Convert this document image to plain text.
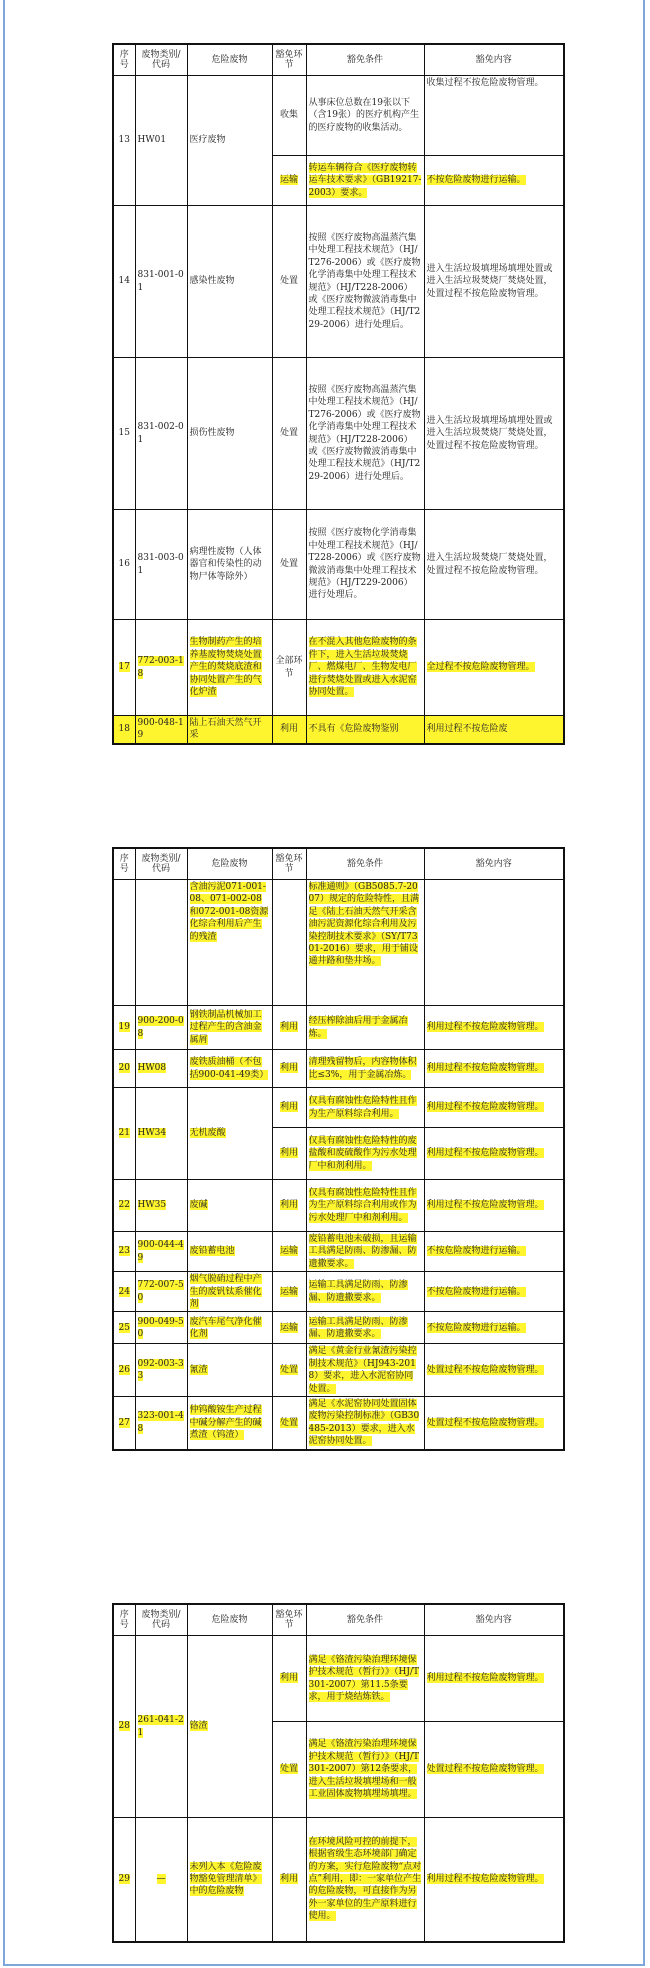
序号	废物类别/代码	危险废物	豁免环节	豁免条件	豁免内容
13	HW01	医疗废物	收集	从事床位总数在19张以下（含19张）的医疗机构产生的医疗废物的收集活动。	收集过程不按危险废物管理。
			运输	转运车辆符合《医疗废物转运车技术要求》（GB19217-2003）要求。	不按危险废物进行运输。
14	831-001-01	感染性废物	处置	按照《医疗废物高温蒸汽集中处理工程技术规范》（HJ/T276-2006）或《医疗废物化学消毒集中处理工程技术规范》（HJ/T228-2006）或《医疗废物微波消毒集中处理工程技术规范》（HJ/T229-2006）进行处理后。	进入生活垃圾填埋场填埋处置或进入生活垃圾焚烧厂焚烧处置，处置过程不按危险废物管理。
15	831-002-01	损伤性废物	处置	按照《医疗废物高温蒸汽集中处理工程技术规范》（HJ/T276-2006）或《医疗废物化学消毒集中处理工程技术规范》（HJ/T228-2006）或《医疗废物微波消毒集中处理工程技术规范》（HJ/T229-2006）进行处理后。	进入生活垃圾填埋场填埋处置或进入生活垃圾焚烧厂焚烧处置，处置过程不按危险废物管理。
16	831-003-01	病理性废物（人体器官和传染性的动物尸体等除外）	处置	按照《医疗废物化学消毒集中处理工程技术规范》（HJ/T228-2006）或《医疗废物微波消毒集中处理工程技术规范》（HJ/T229-2006）进行处理后。	进入生活垃圾焚烧厂焚烧处置，处置过程不按危险废物管理。
17	772-003-18	生物制药产生的培养基废物焚烧处置产生的焚烧底渣和协同处置产生的气化炉渣	全部环节	在不混入其他危险废物的条件下，进入生活垃圾焚烧厂、燃煤电厂、生物发电厂进行焚烧处置或进入水泥窑协同处置。	全过程不按危险废物管理。
18	900-048-19	陆上石油天然气开采	利用	不具有《危险废物鉴别	利用过程不按危险废
序号	废物类别/代码	危险废物	豁免环节	豁免条件	豁免内容
		含油污泥071-001-08、071-002-08和072-001-08资源化综合利用后产生的残渣		标准通则》（GB5085.7-2007）规定的危险特性，且满足《陆上石油天然气开采含油污泥资源化综合利用及污染控制技术要求》（SY/T7301-2016）要求，用于铺设通井路和垫井场。	
19	900-200-08	钢铁制品机械加工过程产生的含油金属屑	利用	经压榨除油后用于金属冶炼。	利用过程不按危险废物管理。
20	HW08	废铁质油桶（不包括900-041-49类）	利用	清理残留物后，内容物体积比≤3%，用于金属冶炼。	利用过程不按危险废物管理。
21	HW34	无机废酸	利用	仅具有腐蚀性危险特性且作为生产原料综合利用。	利用过程不按危险废物管理。
			利用	仅具有腐蚀性危险特性的废盐酸和废硫酸作为污水处理厂中和剂利用。	利用过程不按危险废物管理。
22	HW35	废碱	利用	仅具有腐蚀性危险特性且作为生产原料综合利用或作为污水处理厂中和剂利用。	利用过程不按危险废物管理。
23	900-044-49	废铅蓄电池	运输	废铅蓄电池未破损，且运输工具满足防雨、防渗漏、防遗撒要求。	不按危险废物进行运输。
24	772-007-50	烟气脱硝过程中产生的废钒钛系催化剂	运输	运输工具满足防雨、防渗漏、防遗撒要求。	不按危险废物进行运输。
25	900-049-50	废汽车尾气净化催化剂	运输	运输工具满足防雨、防渗漏、防遗撒要求。	不按危险废物进行运输。
26	092-003-33	氰渣	处置	满足《黄金行业氰渣污染控制技术规范》（HJ943-2018）要求，进入水泥窑协同处置。	处置过程不按危险废物管理。
27	323-001-48	仲钨酸铵生产过程中碱分解产生的碱煮渣（钨渣）	处置	满足《水泥窑协同处置固体废物污染控制标准》（GB30485-2013）要求，进入水泥窑协同处置。	处置过程不按危险废物管理。
序号	废物类别/代码	危险废物	豁免环节	豁免条件	豁免内容
28	261-041-21	铬渣	利用	满足《铬渣污染治理环境保护技术规范（暂行）》（HJ/T301-2007）第11.5条要求，用于烧结炼铁。	利用过程不按危险废物管理。
			处置	满足《铬渣污染治理环境保护技术规范（暂行）》（HJ/T301-2007）第12条要求，进入生活垃圾填埋场和一般工业固体废物填埋场填埋。	处置过程不按危险废物管理。
29	—	未列入本《危险废物豁免管理清单》中的危险废物	利用	在环境风险可控的前提下，根据省级生态环境部门确定的方案，实行危险废物“点对点”利用，即：一家单位产生的危险废物，可直接作为另外一家单位的生产原料进行使用。	利用过程不按危险废物管理。
